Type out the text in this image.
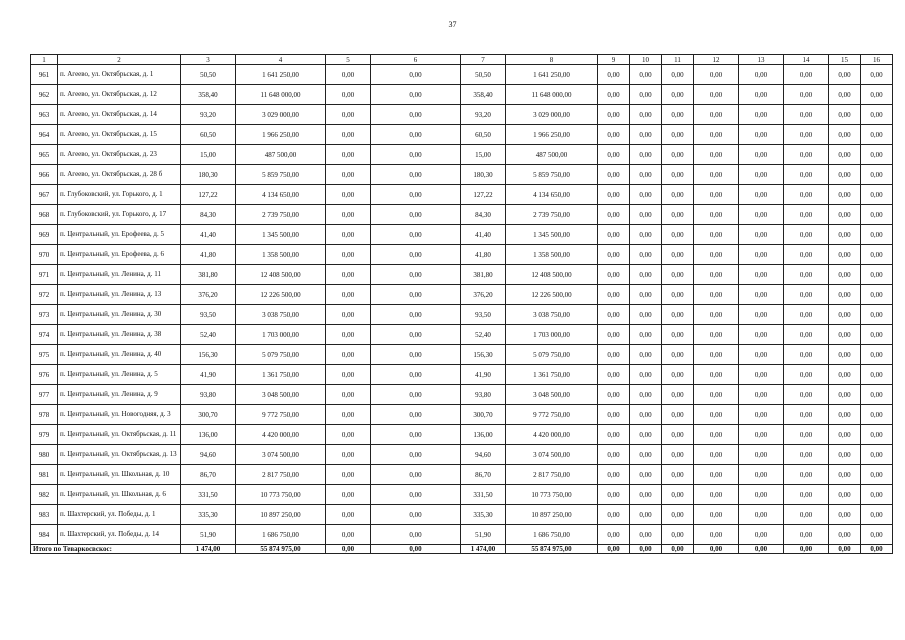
37
1	2	3	4	5	6	7	8	9	10	11	12	13	14	15	16
961	п. Агеево, ул. Октябрьская, д. 1	50,50	1 641 250,00	0,00	0,00	50,50	1 641 250,00	0,00	0,00	0,00	0,00	0,00	0,00	0,00	0,00
962	п. Агеево, ул. Октябрьская, д. 12	358,40	11 648 000,00	0,00	0,00	358,40	11 648 000,00	0,00	0,00	0,00	0,00	0,00	0,00	0,00	0,00
963	п. Агеево, ул. Октябрьская, д. 14	93,20	3 029 000,00	0,00	0,00	93,20	3 029 000,00	0,00	0,00	0,00	0,00	0,00	0,00	0,00	0,00
964	п. Агеево, ул. Октябрьская, д. 15	60,50	1 966 250,00	0,00	0,00	60,50	1 966 250,00	0,00	0,00	0,00	0,00	0,00	0,00	0,00	0,00
965	п. Агеево, ул. Октябрьская, д. 23	15,00	487 500,00	0,00	0,00	15,00	487 500,00	0,00	0,00	0,00	0,00	0,00	0,00	0,00	0,00
966	п. Агеево, ул. Октябрьская, д. 28 б	180,30	5 859 750,00	0,00	0,00	180,30	5 859 750,00	0,00	0,00	0,00	0,00	0,00	0,00	0,00	0,00
967	п. Глубоковский, ул. Горького, д. 1	127,22	4 134 650,00	0,00	0,00	127,22	4 134 650,00	0,00	0,00	0,00	0,00	0,00	0,00	0,00	0,00
968	п. Глубоковский, ул. Горького, д. 17	84,30	2 739 750,00	0,00	0,00	84,30	2 739 750,00	0,00	0,00	0,00	0,00	0,00	0,00	0,00	0,00
969	п. Центральный, ул. Ерофеева, д. 5	41,40	1 345 500,00	0,00	0,00	41,40	1 345 500,00	0,00	0,00	0,00	0,00	0,00	0,00	0,00	0,00
970	п. Центральный, ул. Ерофеева, д. 6	41,80	1 358 500,00	0,00	0,00	41,80	1 358 500,00	0,00	0,00	0,00	0,00	0,00	0,00	0,00	0,00
971	п. Центральный, ул. Ленина, д. 11	381,80	12 408 500,00	0,00	0,00	381,80	12 408 500,00	0,00	0,00	0,00	0,00	0,00	0,00	0,00	0,00
972	п. Центральный, ул. Ленина, д. 13	376,20	12 226 500,00	0,00	0,00	376,20	12 226 500,00	0,00	0,00	0,00	0,00	0,00	0,00	0,00	0,00
973	п. Центральный, ул. Ленина, д. 30	93,50	3 038 750,00	0,00	0,00	93,50	3 038 750,00	0,00	0,00	0,00	0,00	0,00	0,00	0,00	0,00
974	п. Центральный, ул. Ленина, д. 38	52,40	1 703 000,00	0,00	0,00	52,40	1 703 000,00	0,00	0,00	0,00	0,00	0,00	0,00	0,00	0,00
975	п. Центральный, ул. Ленина, д. 40	156,30	5 079 750,00	0,00	0,00	156,30	5 079 750,00	0,00	0,00	0,00	0,00	0,00	0,00	0,00	0,00
976	п. Центральный, ул. Ленина, д. 5	41,90	1 361 750,00	0,00	0,00	41,90	1 361 750,00	0,00	0,00	0,00	0,00	0,00	0,00	0,00	0,00
977	п. Центральный, ул. Ленина, д. 9	93,80	3 048 500,00	0,00	0,00	93,80	3 048 500,00	0,00	0,00	0,00	0,00	0,00	0,00	0,00	0,00
978	п. Центральный, ул. Новогодняя, д. 3	300,70	9 772 750,00	0,00	0,00	300,70	9 772 750,00	0,00	0,00	0,00	0,00	0,00	0,00	0,00	0,00
979	п. Центральный, ул. Октябрьская, д. 11	136,00	4 420 000,00	0,00	0,00	136,00	4 420 000,00	0,00	0,00	0,00	0,00	0,00	0,00	0,00	0,00
980	п. Центральный, ул. Октябрьская, д. 13	94,60	3 074 500,00	0,00	0,00	94,60	3 074 500,00	0,00	0,00	0,00	0,00	0,00	0,00	0,00	0,00
981	п. Центральный, ул. Школьная, д. 10	86,70	2 817 750,00	0,00	0,00	86,70	2 817 750,00	0,00	0,00	0,00	0,00	0,00	0,00	0,00	0,00
982	п. Центральный, ул. Школьная, д. 6	331,50	10 773 750,00	0,00	0,00	331,50	10 773 750,00	0,00	0,00	0,00	0,00	0,00	0,00	0,00	0,00
983	п. Шахтерский, ул. Победы, д. 1	335,30	10 897 250,00	0,00	0,00	335,30	10 897 250,00	0,00	0,00	0,00	0,00	0,00	0,00	0,00	0,00
984	п. Шахтерский, ул. Победы, д. 14	51,90	1 686 750,00	0,00	0,00	51,90	1 686 750,00	0,00	0,00	0,00	0,00	0,00	0,00	0,00	0,00
Итого по Теваркосвскос:		1 474,00	55 874 975,00	0,00	0,00	1 474,00	55 874 975,00	0,00	0,00	0,00	0,00	0,00	0,00	0,00	0,00
